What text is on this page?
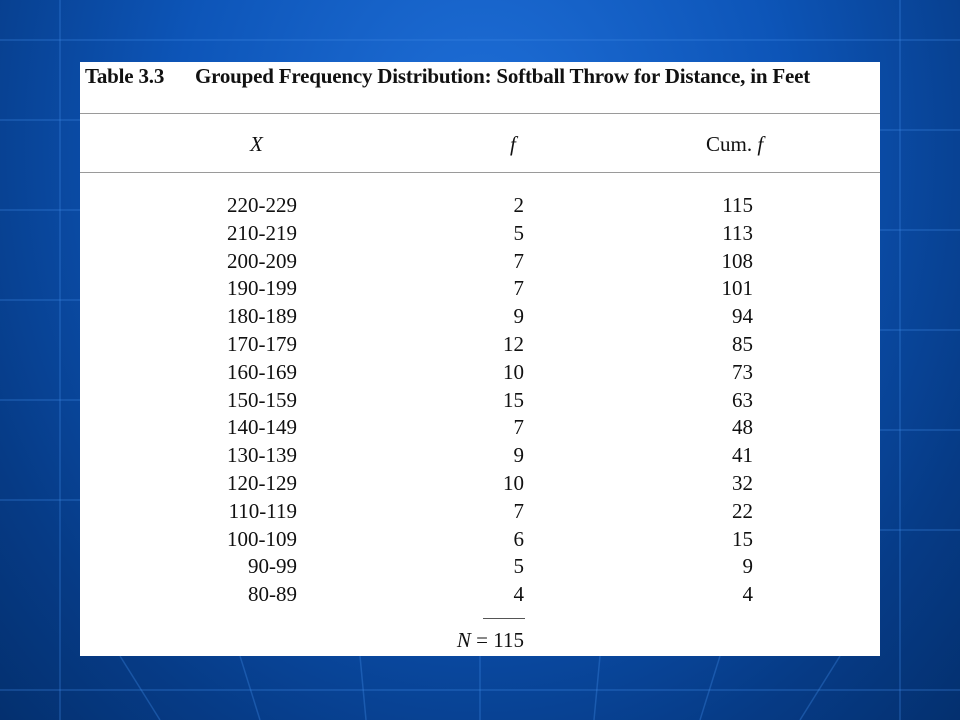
Table 3.3 Grouped Frequency Distribution: Softball Throw for Distance, in Feet
X	f	Cum. f
220-229	2	115
210-219	5	113
200-209	7	108
190-199	7	101
180-189	9	94
170-179	12	85
160-169	10	73
150-159	15	63
140-149	7	48
130-139	9	41
120-129	10	32
110-119	7	22
100-109	6	15
90-99	5	9
80-89	4	4
N = 115
